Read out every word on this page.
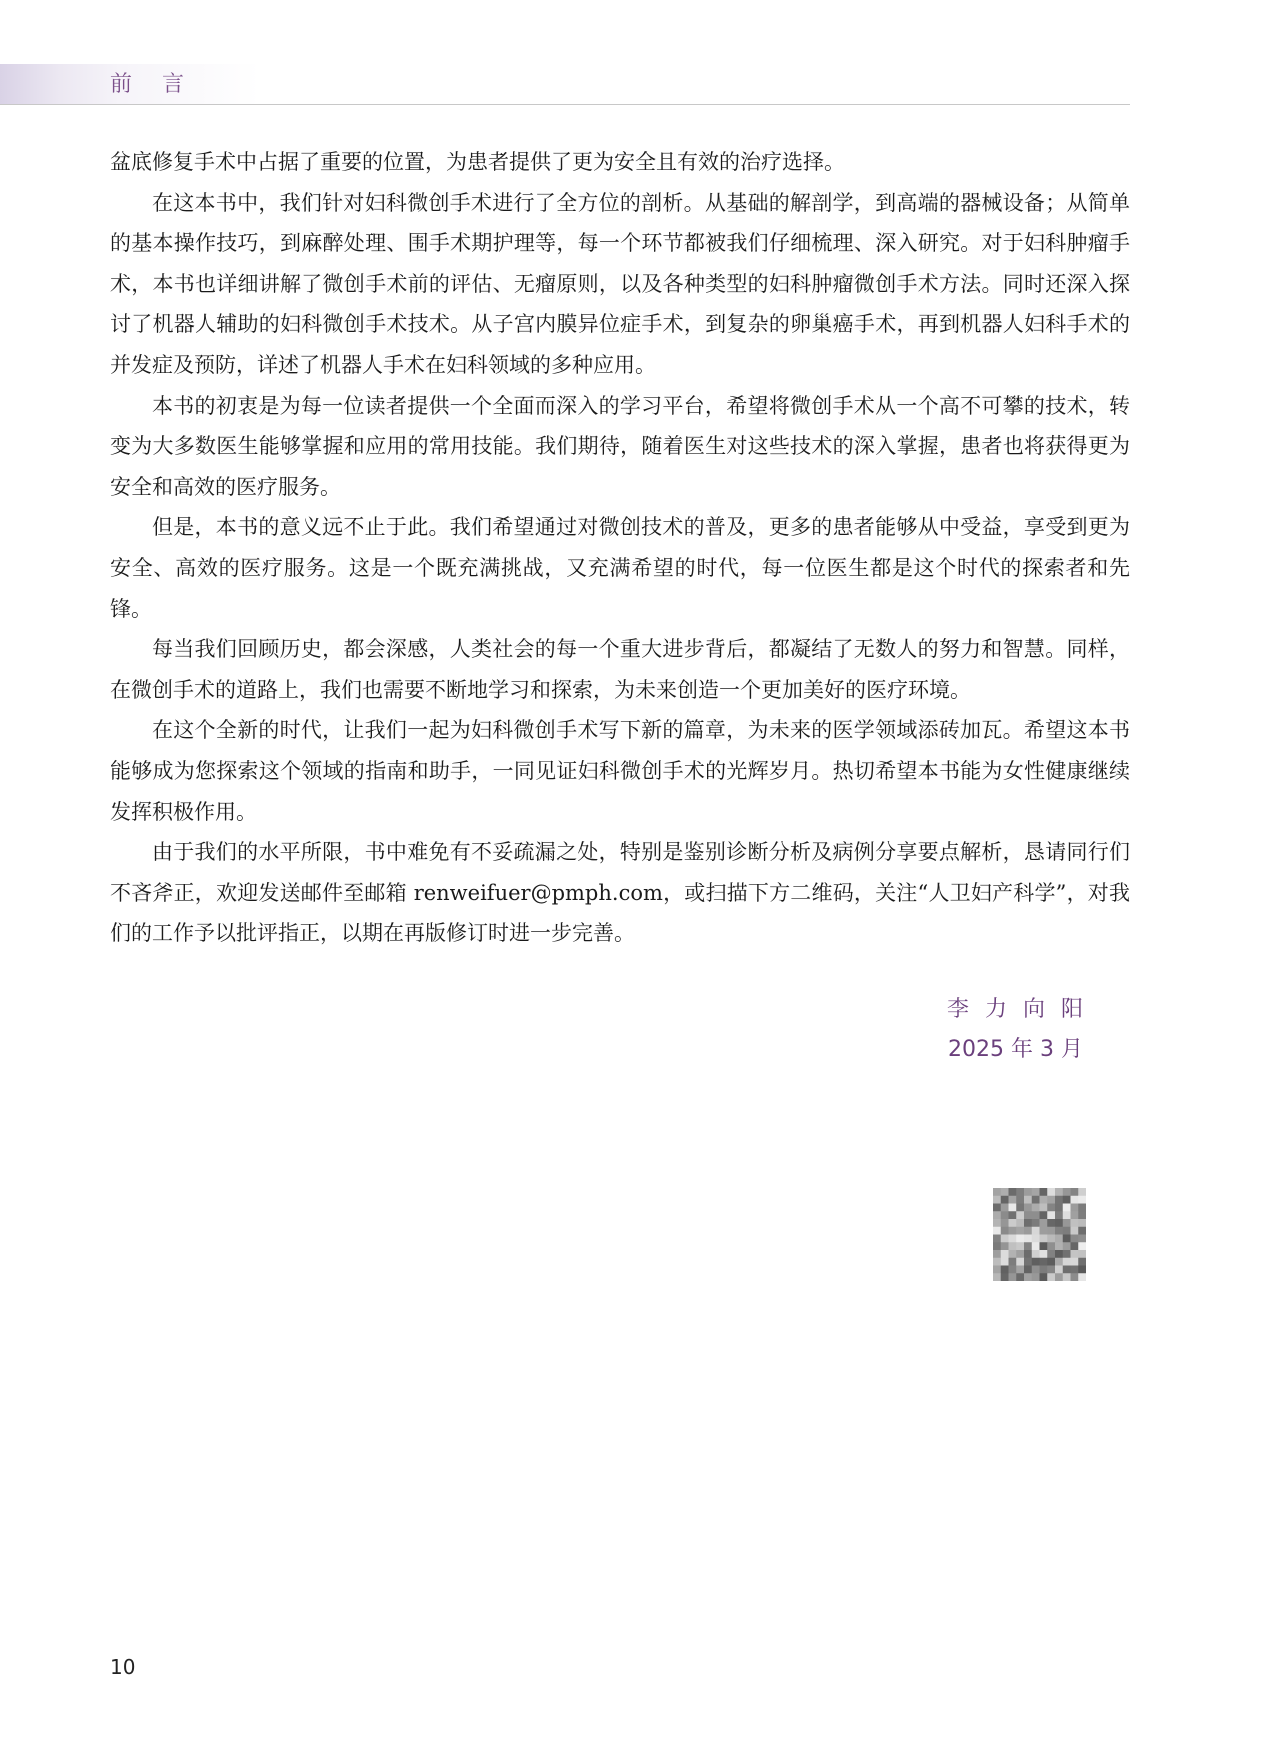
前言

盆底修复手术中占据了重要的位置，为患者提供了更为安全且有效的治疗选择。

在这本书中，我们针对妇科微创手术进行了全方位的剖析。从基础的解剖学，到高端的器械设备；从简单的基本操作技巧，到麻醉处理、围手术期护理等，每一个环节都被我们仔细梳理、深入研究。对于妇科肿瘤手术，本书也详细讲解了微创手术前的评估、无瘤原则，以及各种类型的妇科肿瘤微创手术方法。同时还深入探讨了机器人辅助的妇科微创手术技术。从子宫内膜异位症手术，到复杂的卵巢癌手术，再到机器人妇科手术的并发症及预防，详述了机器人手术在妇科领域的多种应用。

本书的初衷是为每一位读者提供一个全面而深入的学习平台，希望将微创手术从一个高不可攀的技术，转变为大多数医生能够掌握和应用的常用技能。我们期待，随着医生对这些技术的深入掌握，患者也将获得更为安全和高效的医疗服务。

但是，本书的意义远不止于此。我们希望通过对微创技术的普及，更多的患者能够从中受益，享受到更为安全、高效的医疗服务。这是一个既充满挑战，又充满希望的时代，每一位医生都是这个时代的探索者和先锋。

每当我们回顾历史，都会深感，人类社会的每一个重大进步背后，都凝结了无数人的努力和智慧。同样，在微创手术的道路上，我们也需要不断地学习和探索，为未来创造一个更加美好的医疗环境。

在这个全新的时代，让我们一起为妇科微创手术写下新的篇章，为未来的医学领域添砖加瓦。希望这本书能够成为您探索这个领域的指南和助手，一同见证妇科微创手术的光辉岁月。热切希望本书能为女性健康继续发挥积极作用。

由于我们的水平所限，书中难免有不妥疏漏之处，特别是鉴别诊断分析及病例分享要点解析，恳请同行们不吝斧正，欢迎发送邮件至邮箱 renweifuer@pmph.com，或扫描下方二维码，关注“人卫妇产科学”，对我们的工作予以批评指正，以期在再版修订时进一步完善。

李力向阳
2025 年 3 月
10
